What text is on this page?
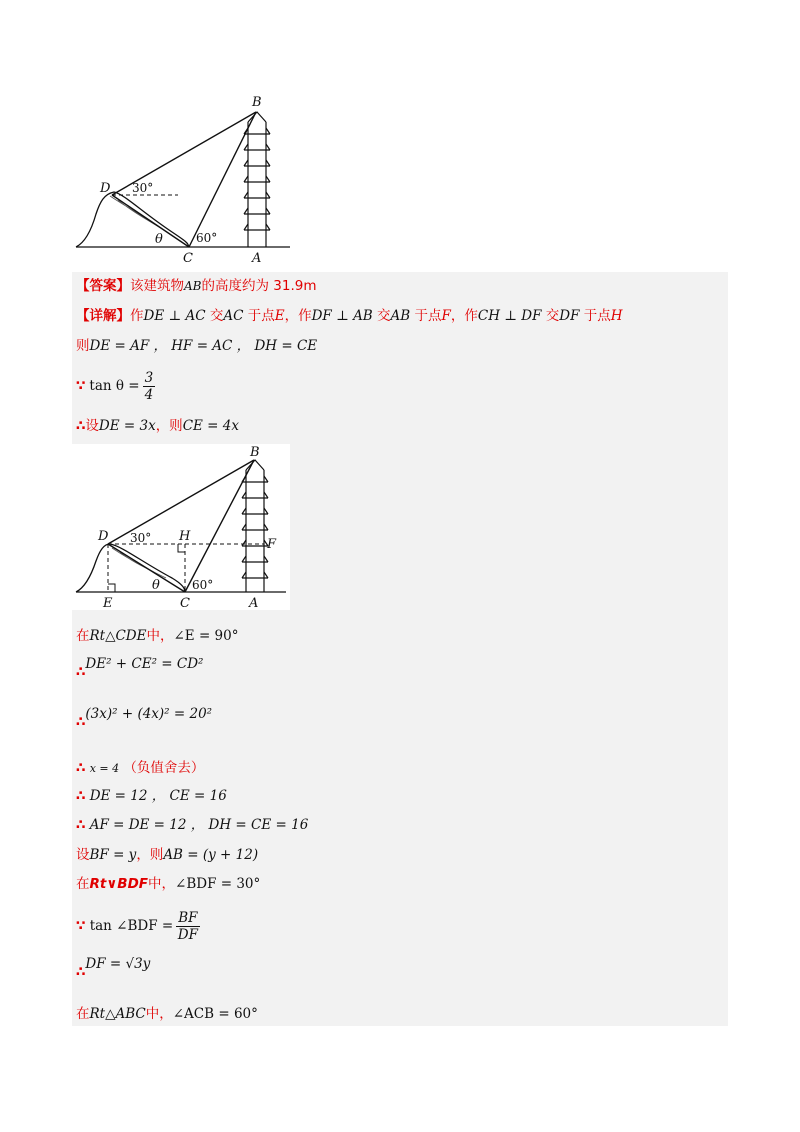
B
D
C	A
30°
60°
θ
【答案】该建筑物AB的高度约为 31.9m
【详解】作DE ⊥ AC 交AC 于点E，作DF ⊥ AB 交AB 于点F，作CH ⊥ DF 交DF 于点H
则DE = AF ， HF = AC ， DH = CE
∵ $\tan \theta = \frac{3}{4}$
∴设DE = 3x，则CE = 4x
B
D	H
F
E	C	A
30°
60°
θ
在Rt△CDE中，∠E = 90°
∴DE² + CE² = CD²
∴(3x)² + (4x)² = 20²
∴ x = 4 （负值舍去）
∴ DE = 12 ， CE = 16
∴ AF = DE = 12 ， DH = CE = 16
设BF = y，则AB = (y + 12)
在Rt∨BDF中，∠BDF = 30°
∵ tan ∠BDF = $\frac{BF}{DF}$
∴DF = √3y
在Rt△ABC中，∠ACB = 60°
